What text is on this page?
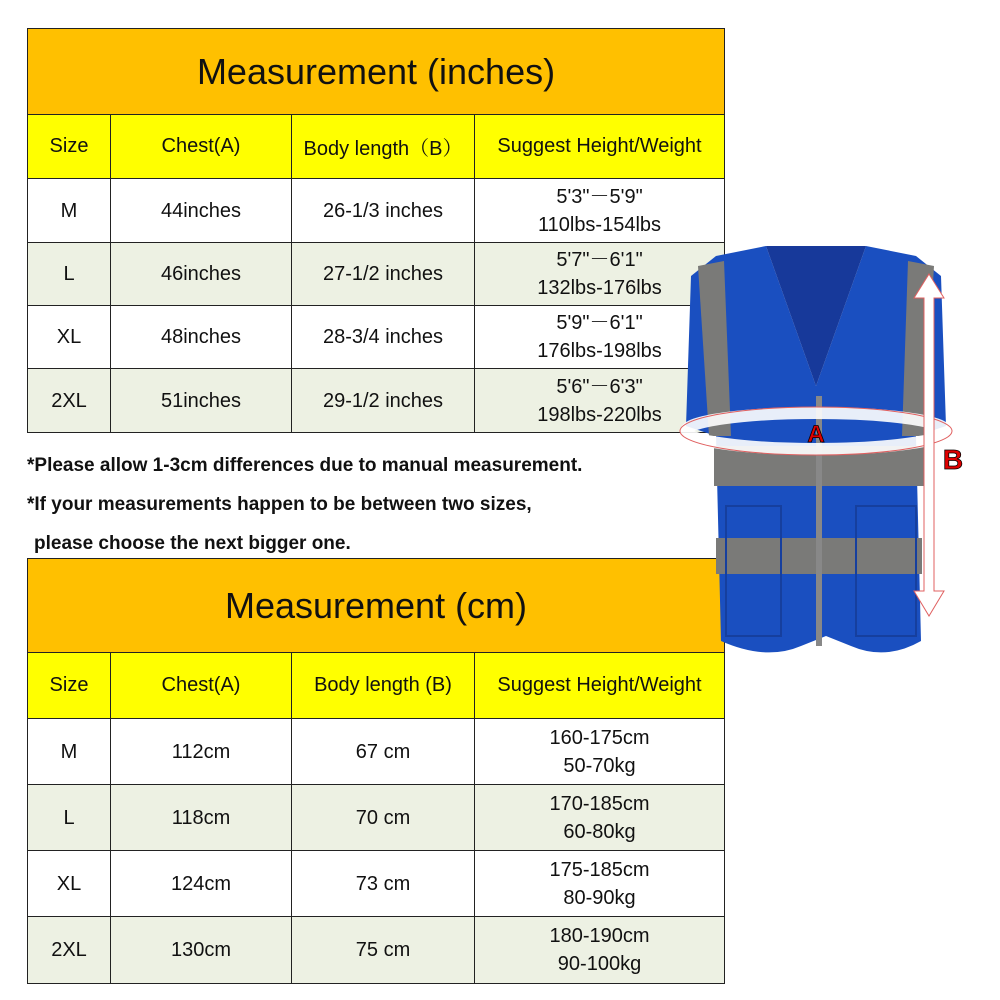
Measurement (inches)			
Size	Chest(A)	Body length（B）	Suggest Height/Weight
M	44inches	26-1/3 inches	5'3"－5'9"
110lbs-154lbs

L	46inches	27-1/2 inches	5'7"－6'1"
132lbs-176lbs

XL	48inches	28-3/4 inches	5'9"－6'1"
176lbs-198lbs

2XL	51inches	29-1/2 inches	5'6"－6'3"
198lbs-220lbs
*Please allow 1-3cm differences due to manual measurement.
*If your measurements happen to be between two sizes,
please choose the next bigger one.
Measurement (cm)			
Size	Chest(A)	Body length (B)	Suggest Height/Weight
M	112cm	67 cm	160-175cm
50-70kg

L	118cm	70 cm	170-185cm
60-80kg

XL	124cm	73 cm	175-185cm
80-90kg

2XL	130cm	75 cm	180-190cm
90-100kg
A
B
